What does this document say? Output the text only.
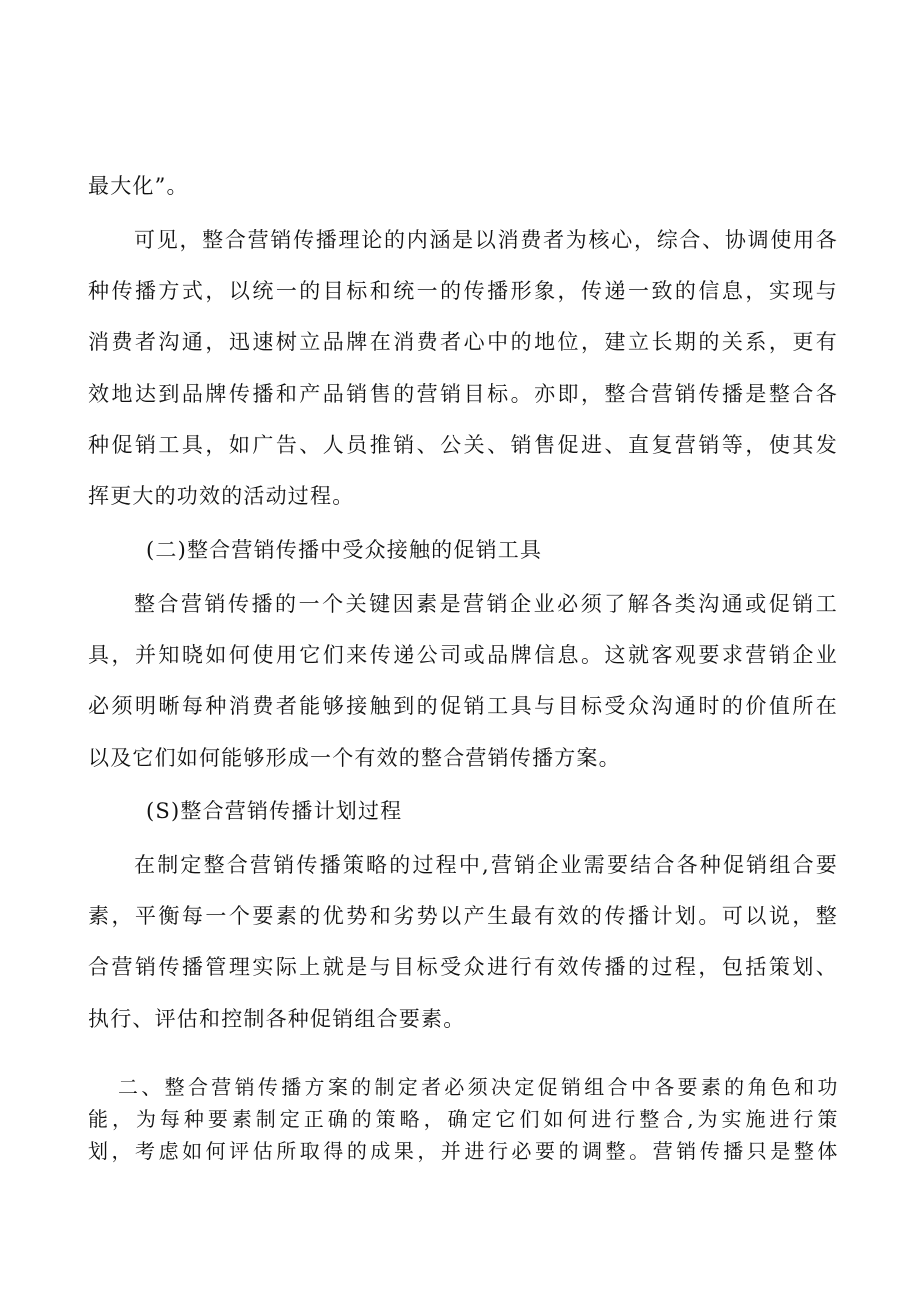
最大化”。
可见，整合营销传播理论的内涵是以消费者为核心，综合、协调使用各
种传播方式，以统一的目标和统一的传播形象，传递一致的信息，实现与
消费者沟通，迅速树立品牌在消费者心中的地位，建立长期的关系，更有
效地达到品牌传播和产品销售的营销目标。亦即，整合营销传播是整合各
种促销工具，如广告、人员推销、公关、销售促进、直复营销等，使其发
挥更大的功效的活动过程。
(二)整合营销传播中受众接触的促销工具
整合营销传播的一个关键因素是营销企业必须了解各类沟通或促销工
具，并知晓如何使用它们来传递公司或品牌信息。这就客观要求营销企业
必须明晰每种消费者能够接触到的促销工具与目标受众沟通时的价值所在
以及它们如何能够形成一个有效的整合营销传播方案。
(S)整合营销传播计划过程
在制定整合营销传播策略的过程中,营销企业需要结合各种促销组合要
素，平衡每一个要素的优势和劣势以产生最有效的传播计划。可以说，整
合营销传播管理实际上就是与目标受众进行有效传播的过程，包括策划、
执行、评估和控制各种促销组合要素。
二、整合营销传播方案的制定者必须决定促销组合中各要素的角色和功
能，为每种要素制定正确的策略，确定它们如何进行整合,为实施进行策
划，考虑如何评估所取得的成果，并进行必要的调整。营销传播只是整体
